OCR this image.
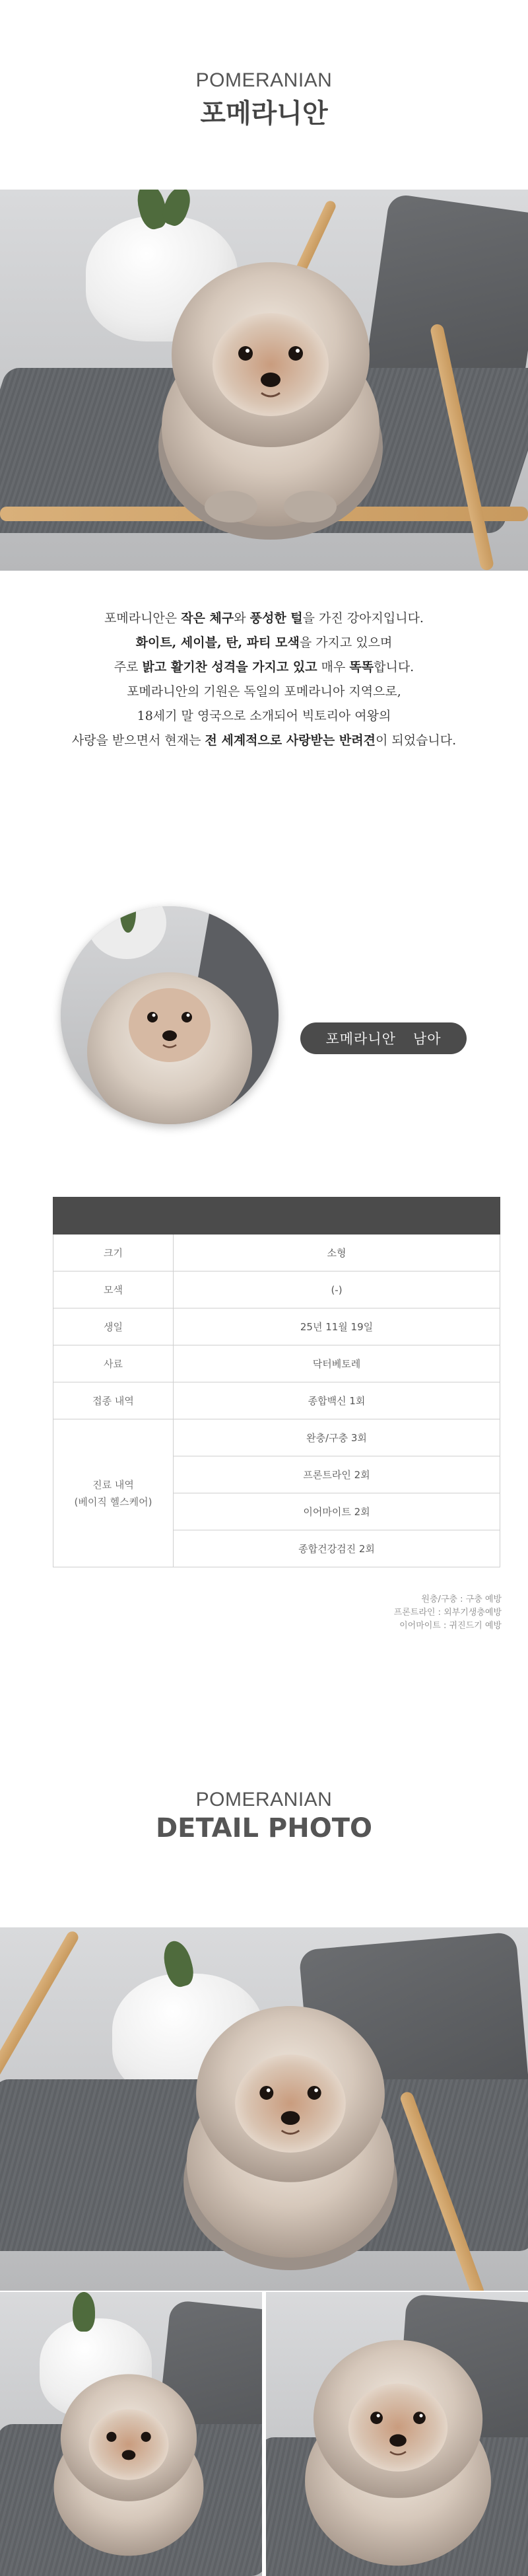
POMERANIAN
포메라니안
포메라니안은 작은 체구와 풍성한 털을 가진 강아지입니다.
화이트, 세이블, 탄, 파티 모색을 가지고 있으며
주로 밝고 활기찬 성격을 가지고 있고 매우 똑똑합니다.
포메라니안의 기원은 독일의 포메라니아 지역으로,
18세기 말 영국으로 소개되어 빅토리아 여왕의
사랑을 받으면서 현재는 전 세계적으로 사랑받는 반려견이 되었습니다.
포메라니안 남아

크기	소형
모색	(-)
생일	25년 11월 19일
사료	닥터베토레
접종 내역	종합백신 1회

진료 내역
(베이직 헬스케어)	완충/구충 3회
	프론트라인 2회
	이어마이트 2회
	종합건강검진 2회
원충/구충 : 구충 예방
프론트라인 : 외부기생충예방
이어마이트 : 귀진드기 예방
POMERANIAN
DETAIL PHOTO
